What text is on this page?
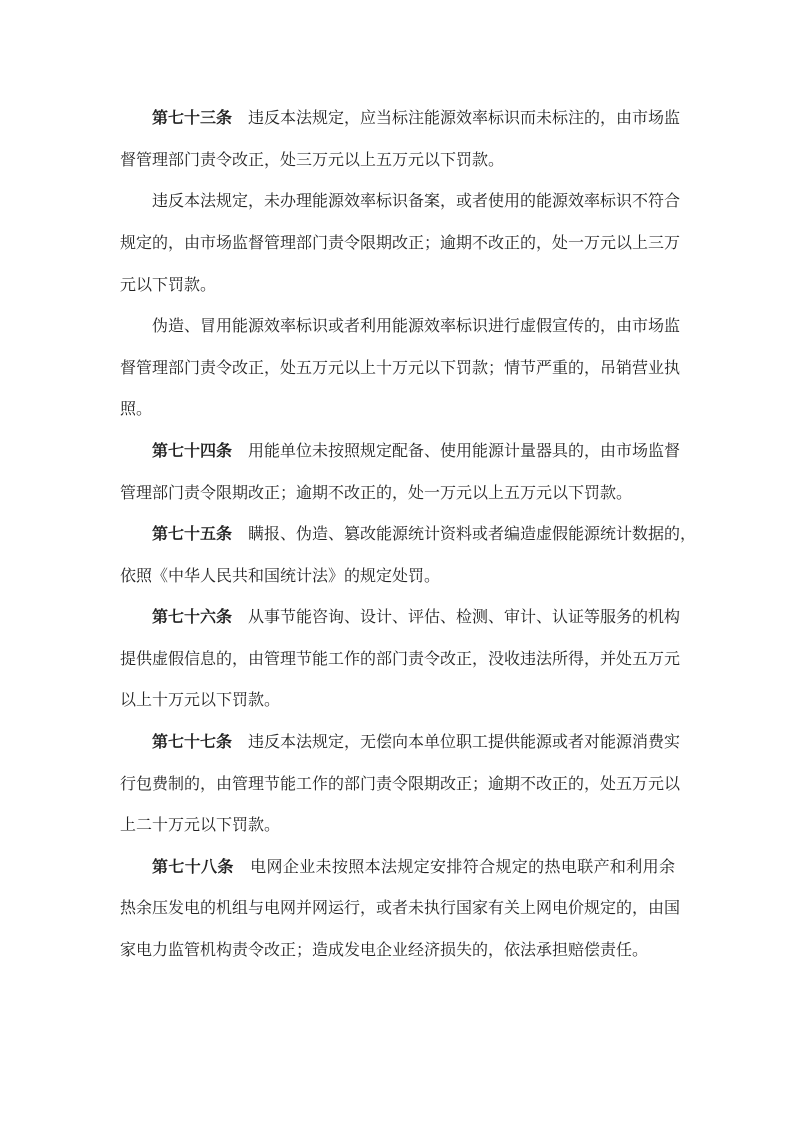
第七十三条 违反本法规定，应当标注能源效率标识而未标注的，由市场监
督管理部门责令改正，处三万元以上五万元以下罚款。
违反本法规定，未办理能源效率标识备案，或者使用的能源效率标识不符合
规定的，由市场监督管理部门责令限期改正；逾期不改正的，处一万元以上三万
元以下罚款。
伪造、冒用能源效率标识或者利用能源效率标识进行虚假宣传的，由市场监
督管理部门责令改正，处五万元以上十万元以下罚款；情节严重的，吊销营业执
照。
第七十四条 用能单位未按照规定配备、使用能源计量器具的，由市场监督
管理部门责令限期改正；逾期不改正的，处一万元以上五万元以下罚款。
第七十五条 瞒报、伪造、篡改能源统计资料或者编造虚假能源统计数据的，
依照《中华人民共和国统计法》的规定处罚。
第七十六条 从事节能咨询、设计、评估、检测、审计、认证等服务的机构
提供虚假信息的，由管理节能工作的部门责令改正，没收违法所得，并处五万元
以上十万元以下罚款。
第七十七条 违反本法规定，无偿向本单位职工提供能源或者对能源消费实
行包费制的，由管理节能工作的部门责令限期改正；逾期不改正的，处五万元以
上二十万元以下罚款。
第七十八条 电网企业未按照本法规定安排符合规定的热电联产和利用余
热余压发电的机组与电网并网运行，或者未执行国家有关上网电价规定的，由国
家电力监管机构责令改正；造成发电企业经济损失的，依法承担赔偿责任。
